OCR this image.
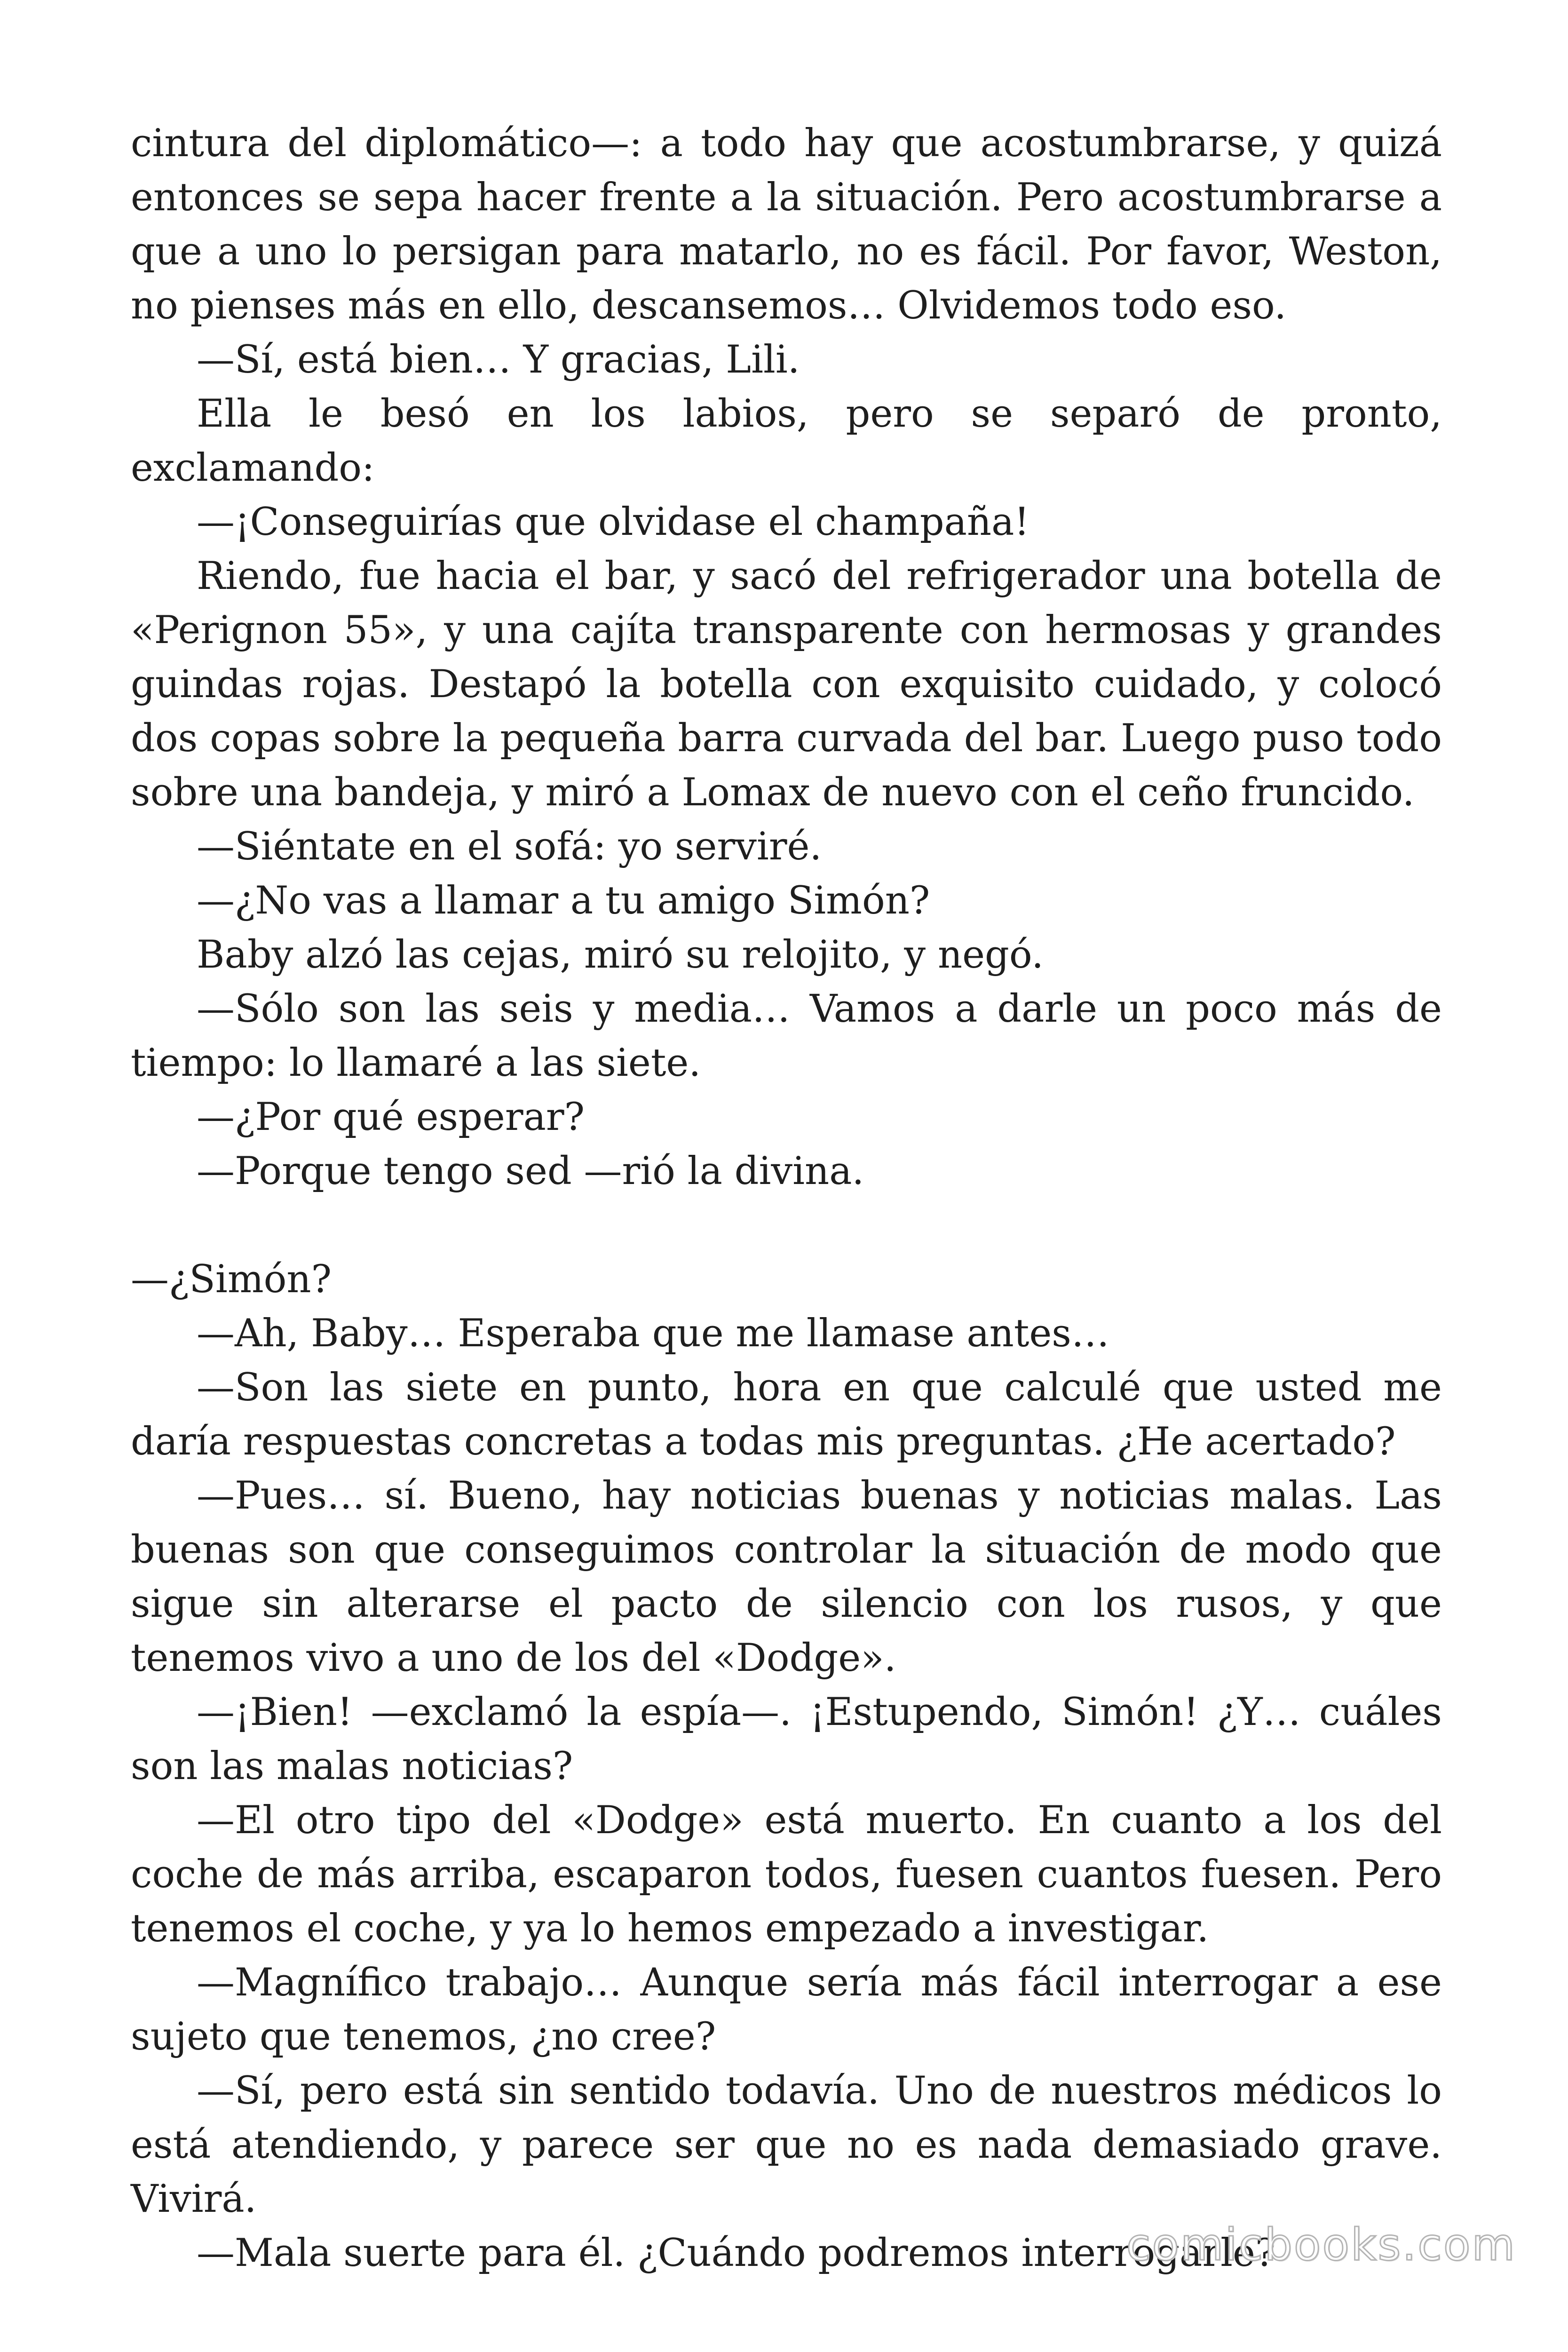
cintura del diplomático—: a todo hay que acostumbrarse, y quizá entonces se sepa hacer frente a la situación. Pero acostumbrarse a que a uno lo persigan para matarlo, no es fácil. Por favor, Weston, no pienses más en ello, descansemos… Olvidemos todo eso.

—Sí, está bien… Y gracias, Lili.

Ella le besó en los labios, pero se separó de pronto, exclamando:

—¡Conseguirías que olvidase el champaña!

Riendo, fue hacia el bar, y sacó del refrigerador una botella de «Perignon 55», y una cajíta transparente con hermosas y grandes guindas rojas. Destapó la botella con exquisito cuidado, y colocó dos copas sobre la pequeña barra curvada del bar. Luego puso todo sobre una bandeja, y miró a Lomax de nuevo con el ceño fruncido.

—Siéntate en el sofá: yo serviré.

—¿No vas a llamar a tu amigo Simón?

Baby alzó las cejas, miró su relojito, y negó.

—Sólo son las seis y media… Vamos a darle un poco más de tiempo: lo llamaré a las siete.

—¿Por qué esperar?

—Porque tengo sed —rió la divina.

—¿Simón?

—Ah, Baby… Esperaba que me llamase antes…

—Son las siete en punto, hora en que calculé que usted me daría respuestas concretas a todas mis preguntas. ¿He acertado?

—Pues… sí. Bueno, hay noticias buenas y noticias malas. Las buenas son que conseguimos controlar la situación de modo que sigue sin alterarse el pacto de silencio con los rusos, y que tenemos vivo a uno de los del «Dodge».

—¡Bien! —exclamó la espía—. ¡Estupendo, Simón! ¿Y… cuáles son las malas noticias?

—El otro tipo del «Dodge» está muerto. En cuanto a los del coche de más arriba, escaparon todos, fuesen cuantos fuesen. Pero tenemos el coche, y ya lo hemos empezado a investigar.

—Magnífico trabajo… Aunque sería más fácil interrogar a ese sujeto que tenemos, ¿no cree?

—Sí, pero está sin sentido todavía. Uno de nuestros médicos lo está atendiendo, y parece ser que no es nada demasiado grave. Vivirá.

—Mala suerte para él. ¿Cuándo podremos interrogarle?

comicbooks.com
